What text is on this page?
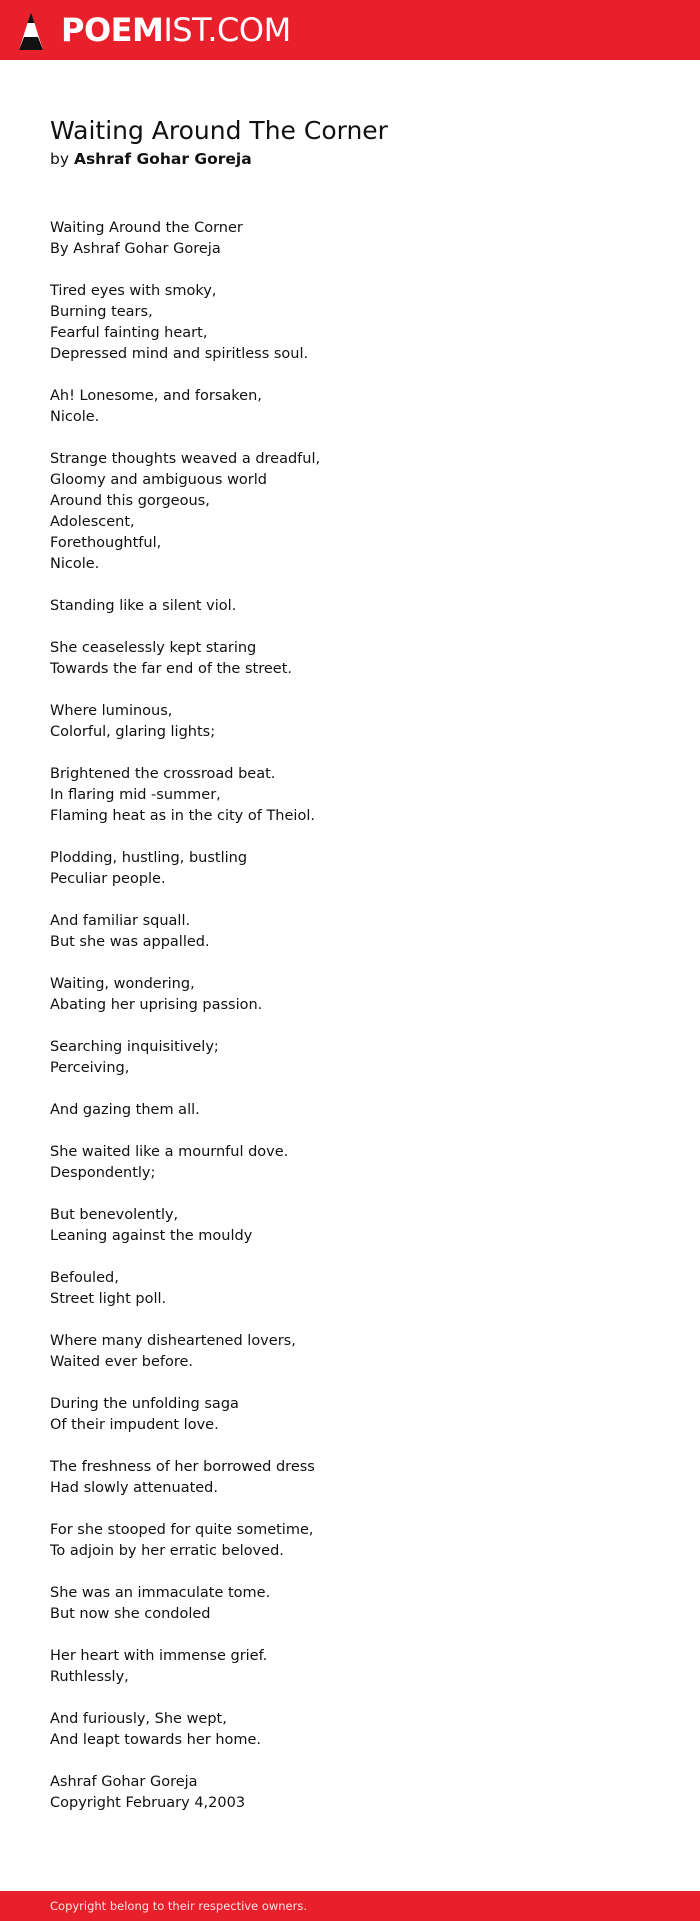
POEMIST.COM
Waiting Around The Corner
by Ashraf Gohar Goreja
Waiting Around the Corner
By Ashraf Gohar Goreja
Tired eyes with smoky,
Burning tears,
Fearful fainting heart,
Depressed mind and spiritless soul.
Ah! Lonesome, and forsaken,
Nicole.
Strange thoughts weaved a dreadful,
Gloomy and ambiguous world
Around this gorgeous,
Adolescent,
Forethoughtful,
Nicole.
Standing like a silent viol.
She ceaselessly kept staring
Towards the far end of the street.
Where luminous,
Colorful, glaring lights;
Brightened the crossroad beat.
In flaring mid -summer,
Flaming heat as in the city of Theiol.
Plodding, hustling, bustling
Peculiar people.
And familiar squall.
But she was appalled.
Waiting, wondering,
Abating her uprising passion.
Searching inquisitively;
Perceiving,
And gazing them all.
She waited like a mournful dove.
Despondently;
But benevolently,
Leaning against the mouldy
Befouled,
Street light poll.
Where many disheartened lovers,
Waited ever before.
During the unfolding saga
Of their impudent love.
The freshness of her borrowed dress
Had slowly attenuated.
For she stooped for quite sometime,
To adjoin by her erratic beloved.
She was an immaculate tome.
But now she condoled
Her heart with immense grief.
Ruthlessly,
And furiously, She wept,
And leapt towards her home.
Ashraf Gohar Goreja
Copyright February 4,2003
Copyright belong to their respective owners.
